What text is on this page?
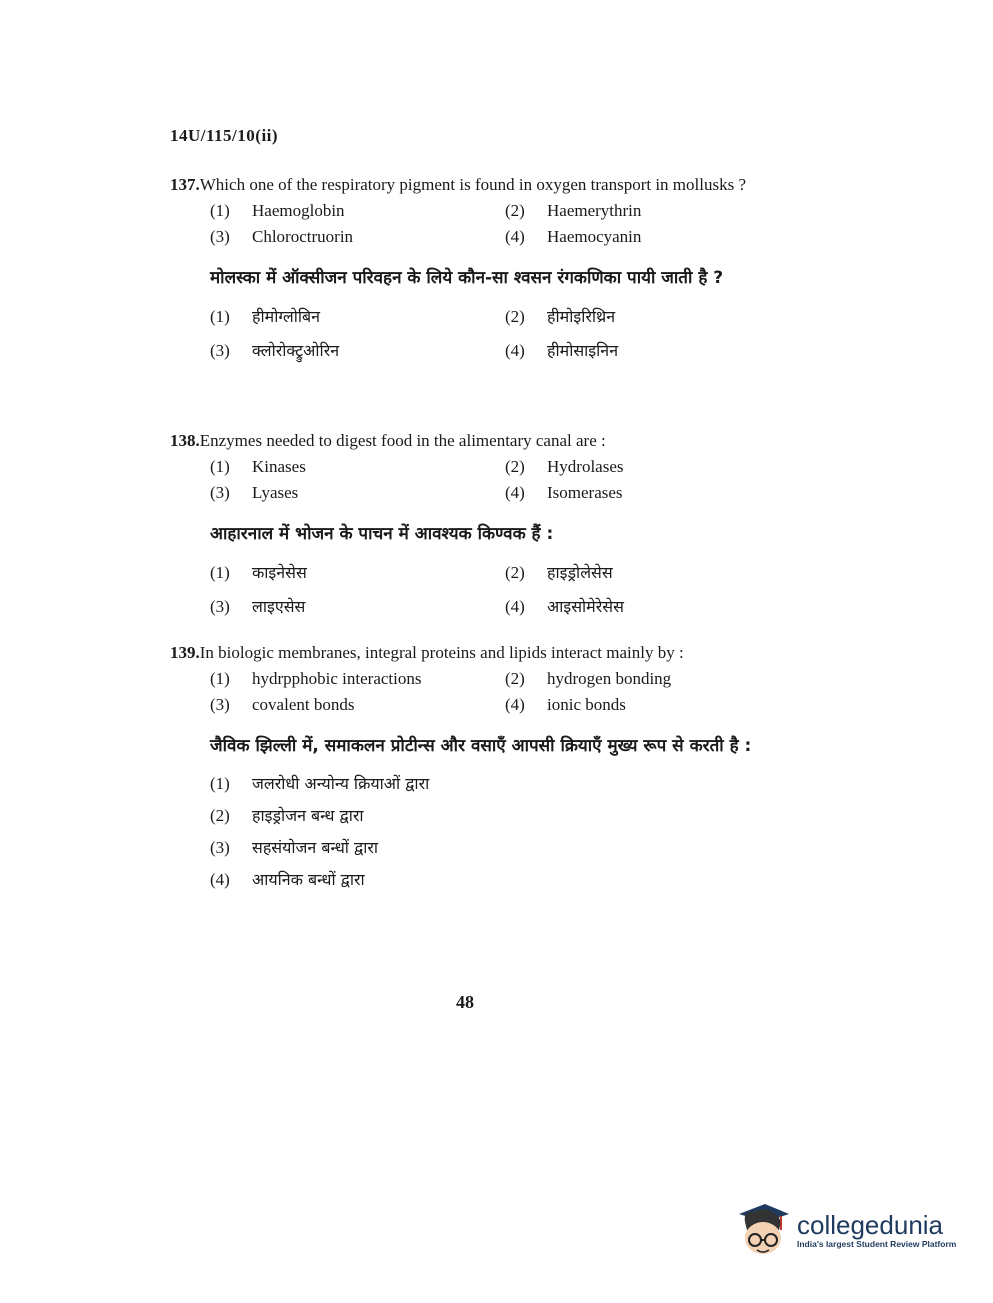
14U/115/10(ii)
137. Which one of the respiratory pigment is found in oxygen transport in mollusks ?
(1)	Haemoglobin	(2)	Haemerythrin
(3)	Chloroctruorin	(4)	Haemocyanin
मोलस्का में ऑक्सीजन परिवहन के लिये कौन-सा श्वसन रंगकणिका पायी जाती है ?
(1)	हीमोग्लोबिन	(2)	हीमोइरिथ्रिन
(3)	क्लोरोक्ट्रुओरिन	(4)	हीमोसाइनिन
138. Enzymes needed to digest food in the alimentary canal are :
(1)	Kinases	(2)	Hydrolases
(3)	Lyases	(4)	Isomerases
आहारनाल में भोजन के पाचन में आवश्यक किण्वक हैं :
(1)	काइनेसेस	(2)	हाइड्रोलेसेस
(3)	लाइएसेस	(4)	आइसोमेरेसेस
139. In biologic membranes, integral proteins and lipids interact mainly by :
(1)	hydrpphobic interactions	(2)	hydrogen bonding
(3)	covalent bonds	(4)	ionic bonds
जैविक झिल्ली में, समाकलन प्रोटीन्स और वसाएँ आपसी क्रियाएँ मुख्य रूप से करती है :
(1)	जलरोधी अन्योन्य क्रियाओं द्वारा
(2)	हाइड्रोजन बन्ध द्वारा
(3)	सहसंयोजन बन्धों द्वारा
(4)	आयनिक बन्धों द्वारा
48
collegedunia
India's largest Student Review Platform
